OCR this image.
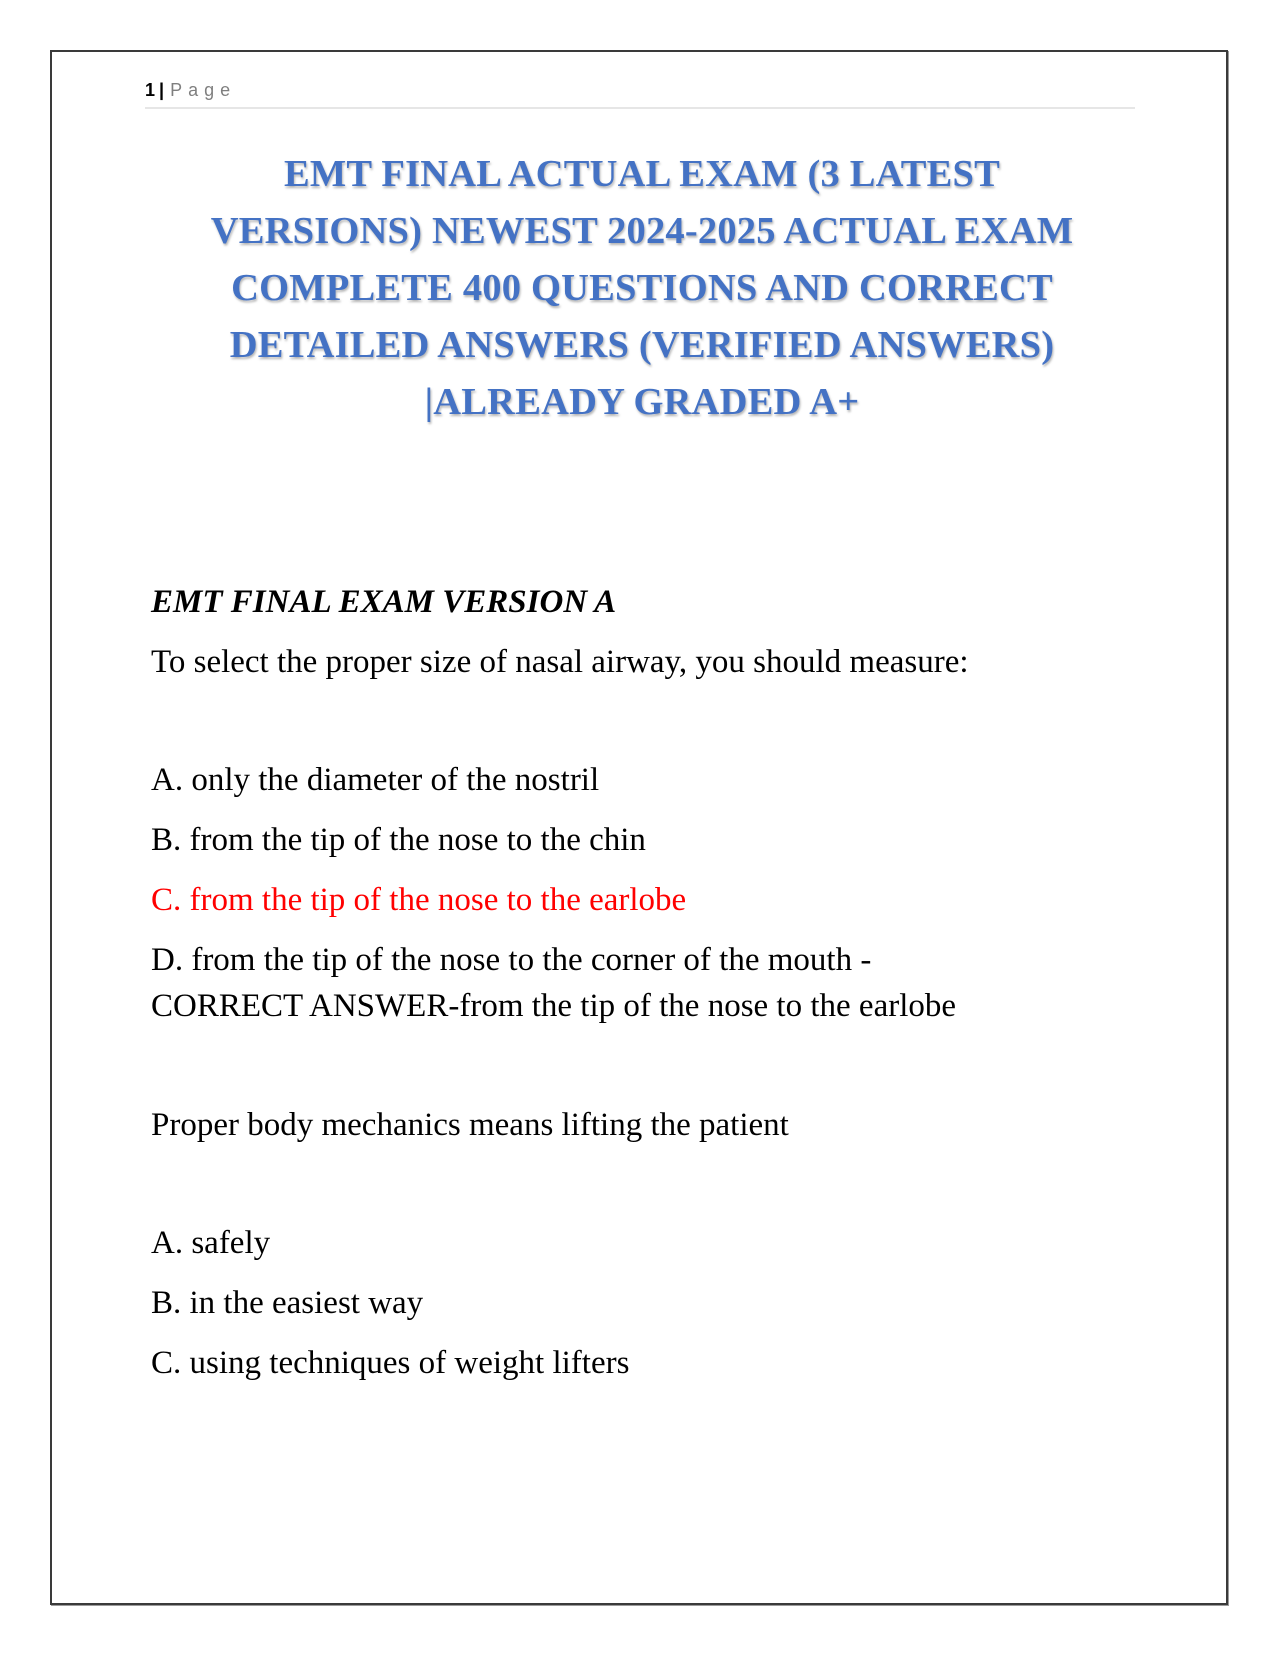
1 | Page
EMT FINAL ACTUAL EXAM (3 LATEST
VERSIONS) NEWEST 2024-2025 ACTUAL EXAM
COMPLETE 400 QUESTIONS AND CORRECT
DETAILED ANSWERS (VERIFIED ANSWERS)
|ALREADY GRADED A+
EMT FINAL EXAM VERSION A
To select the proper size of nasal airway, you should measure:
A. only the diameter of the nostril
B. from the tip of the nose to the chin
C. from the tip of the nose to the earlobe
D. from the tip of the nose to the corner of the mouth -
CORRECT ANSWER-from the tip of the nose to the earlobe
Proper body mechanics means lifting the patient
A. safely
B. in the easiest way
C. using techniques of weight lifters
